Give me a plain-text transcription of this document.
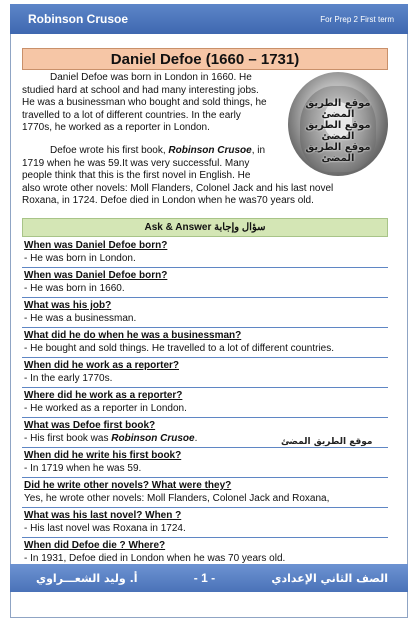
Robinson Crusoe	For Prep 2 First term
Daniel Defoe (1660 – 1731)
موقع الطريق المضئ
موقع الطريق المضئ
موقع الطريق المضئ

Daniel Defoe was born in London in 1660. He

studied hard at school and had many interesting jobs.

He was a businessman who bought and sold things, he

travelled to a lot of different countries. In the early

1770s, he worked as a reporter in London.

Defoe wrote his first book, Robinson Crusoe, in

1719 when he was 59.It was very successful. Many

people think that this is the first novel in English. He

also wrote other novels: Moll Flanders, Colonel Jack and his last novel

Roxana, in 1724. Defoe died in London when he was70 years old.

Ask & Answer سؤال وإجابة
When was Daniel Defoe born?
- He was born in London.
When was Daniel Defoe born?
- He was born in 1660.
What was his job?
- He was a businessman.
What did he do when he was a businessman?
- He bought and sold things. He travelled to a lot of different countries.
When did he work as a reporter?
- In the early 1770s.
Where did he work as a reporter?
- He worked as a reporter in London.
What was Defoe first book?
- His first book was Robinson Crusoe.
When did he write his first book?
- In 1719 when he was 59.
Did he write other novels? What were they?
Yes, he wrote other novels: Moll Flanders, Colonel Jack and Roxana,
What was his last novel? When ?
- His last novel was Roxana in 1724.
When did Defoe die ? Where?
- In 1931, Defoe died in London when he was 70 years old.
موقع الطريق المضئ
أ. وليد الشعـــراوي	- 1 -	الصف الثاني الإعدادي
